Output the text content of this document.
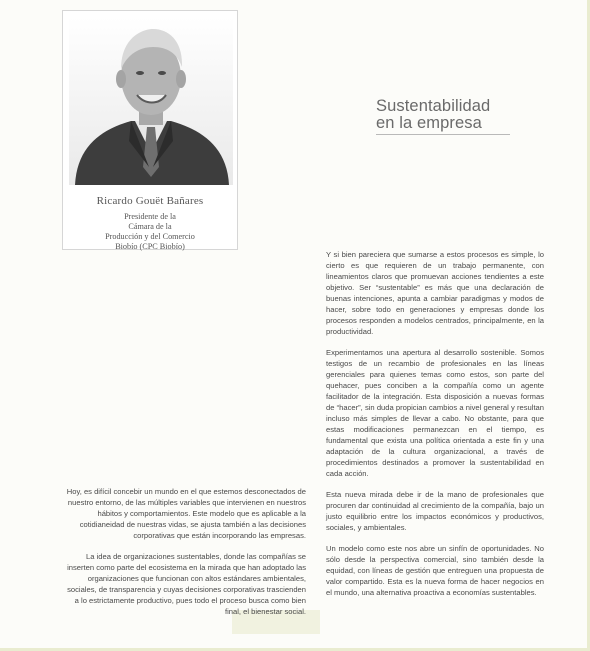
Ricardo Gouët Bañares
Presidente de la
Cámara de la
Producción y del Comercio
Biobío (CPC Biobío)
Sustentabilidad
en la empresa

Hoy, es difícil concebir un mundo en el que estemos desconectados de nuestro entorno, de las múltiples variables que intervienen en nuestros hábitos y comportamientos. Este modelo que es aplicable a la cotidianeidad de nuestras vidas, se ajusta también a las decisiones corporativas que están incorporando las empresas.

La idea de organizaciones sustentables, donde las compañías se inserten como parte del ecosistema en la mirada que han adoptado las organizaciones que funcionan con altos estándares ambientales, sociales, de transparencia y cuyas decisiones corporativas trascienden a lo estrictamente productivo, pues todo el proceso busca como bien final, el bienestar social.

Y si bien pareciera que sumarse a estos procesos es simple, lo cierto es que requieren de un trabajo permanente, con lineamientos claros que promuevan acciones tendientes a este objetivo. Ser “sustentable” es más que una declaración de buenas intenciones, apunta a cambiar paradigmas y modos de hacer, sobre todo en generaciones y empresas donde los procesos responden a modelos centrados, principalmente, en la productividad.

Experimentamos una apertura al desarrollo sostenible. Somos testigos de un recambio de profesionales en las líneas gerenciales para quienes temas como estos, son parte del quehacer, pues conciben a la compañía como un agente facilitador de la integración. Esta disposición a nuevas formas de “hacer”, sin duda propician cambios a nivel general y resultan incluso más simples de llevar a cabo. No obstante, para que estas modificaciones permanezcan en el tiempo, es fundamental que exista una política orientada a este fin y una adaptación de la cultura organizacional, a través de procedimientos destinados a promover la sustentabilidad en cada acción.

Esta nueva mirada debe ir de la mano de profesionales que procuren dar continuidad al crecimiento de la compañía, bajo un justo equilibrio entre los impactos económicos y productivos, sociales, y ambientales.

Un modelo como este nos abre un sinfín de oportunidades. No sólo desde la perspectiva comercial, sino también desde la equidad, con líneas de gestión que entreguen una propuesta de valor compartido. Esta es la nueva forma de hacer negocios en el mundo, una alternativa proactiva a economías sustentables.
